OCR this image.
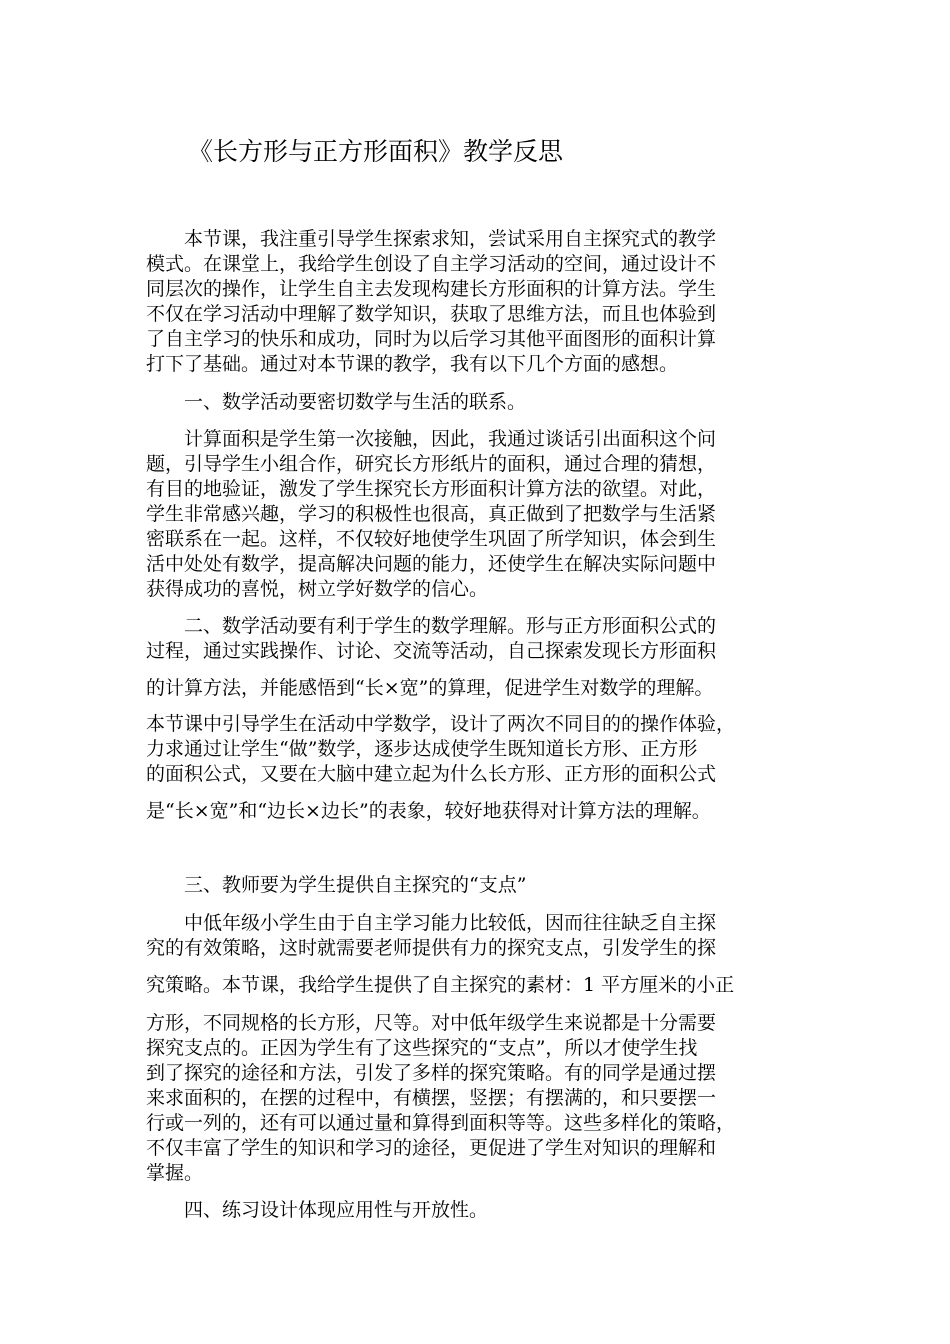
《长方形与正方形面积》教学反思

本节课，我注重引导学生探索求知，尝试采用自主探究式的教学

模式。在课堂上，我给学生创设了自主学习活动的空间，通过设计不

同层次的操作，让学生自主去发现构建长方形面积的计算方法。学生

不仅在学习活动中理解了数学知识，获取了思维方法，而且也体验到

了自主学习的快乐和成功，同时为以后学习其他平面图形的面积计算

打下了基础。通过对本节课的教学，我有以下几个方面的感想。

一、数学活动要密切数学与生活的联系。

计算面积是学生第一次接触，因此，我通过谈话引出面积这个问

题，引导学生小组合作，研究长方形纸片的面积，通过合理的猜想，

有目的地验证，激发了学生探究长方形面积计算方法的欲望。对此，

学生非常感兴趣，学习的积极性也很高，真正做到了把数学与生活紧

密联系在一起。这样，不仅较好地使学生巩固了所学知识，体会到生

活中处处有数学，提高解决问题的能力，还使学生在解决实际问题中

获得成功的喜悦，树立学好数学的信心。

二、数学活动要有利于学生的数学理解。形与正方形面积公式的

过程，通过实践操作、讨论、交流等活动，自己探索发现长方形面积

的计算方法，并能感悟到“长×宽”的算理，促进学生对数学的理解。

本节课中引导学生在活动中学数学，设计了两次不同目的的操作体验，

力求通过让学生“做”数学，逐步达成使学生既知道长方形、正方形

的面积公式，又要在大脑中建立起为什么长方形、正方形的面积公式

是“长×宽”和“边长×边长”的表象，较好地获得对计算方法的理解。

三、教师要为学生提供自主探究的“支点”

中低年级小学生由于自主学习能力比较低，因而往往缺乏自主探

究的有效策略，这时就需要老师提供有力的探究支点，引发学生的探

究策略。本节课，我给学生提供了自主探究的素材：1 平方厘米的小正

方形，不同规格的长方形，尺等。对中低年级学生来说都是十分需要

探究支点的。正因为学生有了这些探究的“支点”，所以才使学生找

到了探究的途径和方法，引发了多样的探究策略。有的同学是通过摆

来求面积的，在摆的过程中，有横摆，竖摆；有摆满的，和只要摆一

行或一列的，还有可以通过量和算得到面积等等。这些多样化的策略，

不仅丰富了学生的知识和学习的途径，更促进了学生对知识的理解和

掌握。

四、练习设计体现应用性与开放性。
